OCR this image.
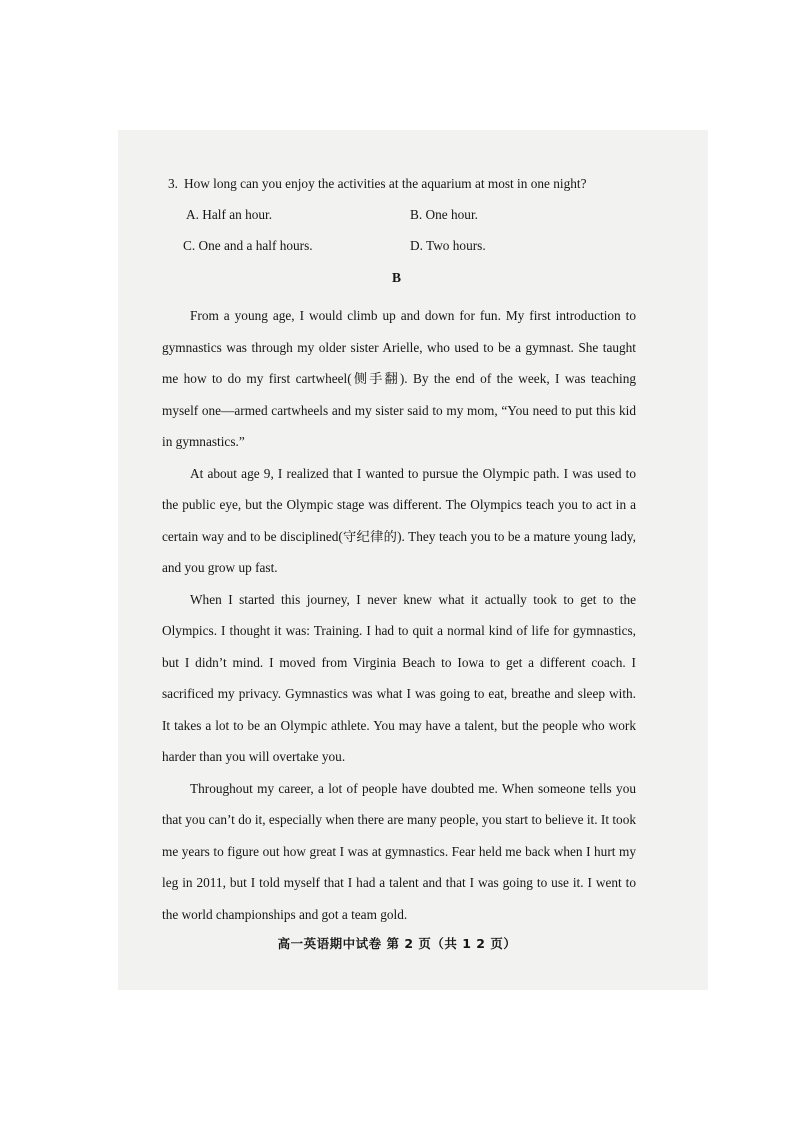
3. How long can you enjoy the activities at the aquarium at most in one night?
A. Half an hour.	B. One hour.
C. One and a half hours.	D. Two hours.
B

From a young age, I would climb up and down for fun. My first introduction to gymnastics was through my older sister Arielle, who used to be a gymnast. She taught me how to do my first cartwheel(侧手翻). By the end of the week, I was teaching myself one—armed cartwheels and my sister said to my mom, “You need to put this kid in gymnastics.”

At about age 9, I realized that I wanted to pursue the Olympic path. I was used to the public eye, but the Olympic stage was different. The Olympics teach you to act in a certain way and to be disciplined(守纪律的). They teach you to be a mature young lady, and you grow up fast.

When I started this journey, I never knew what it actually took to get to the Olympics. I thought it was: Training. I had to quit a normal kind of life for gymnastics, but I didn’t mind. I moved from Virginia Beach to Iowa to get a different coach. I sacrificed my privacy. Gymnastics was what I was going to eat, breathe and sleep with. It takes a lot to be an Olympic athlete. You may have a talent, but the people who work harder than you will overtake you.

Throughout my career, a lot of people have doubted me. When someone tells you that you can’t do it, especially when there are many people, you start to believe it. It took me years to figure out how great I was at gymnastics. Fear held me back when I hurt my leg in 2011, but I told myself that I had a talent and that I was going to use it. I went to the world championships and got a team gold.

高一英语期中试卷 第 2 页（共 1 2 页）
